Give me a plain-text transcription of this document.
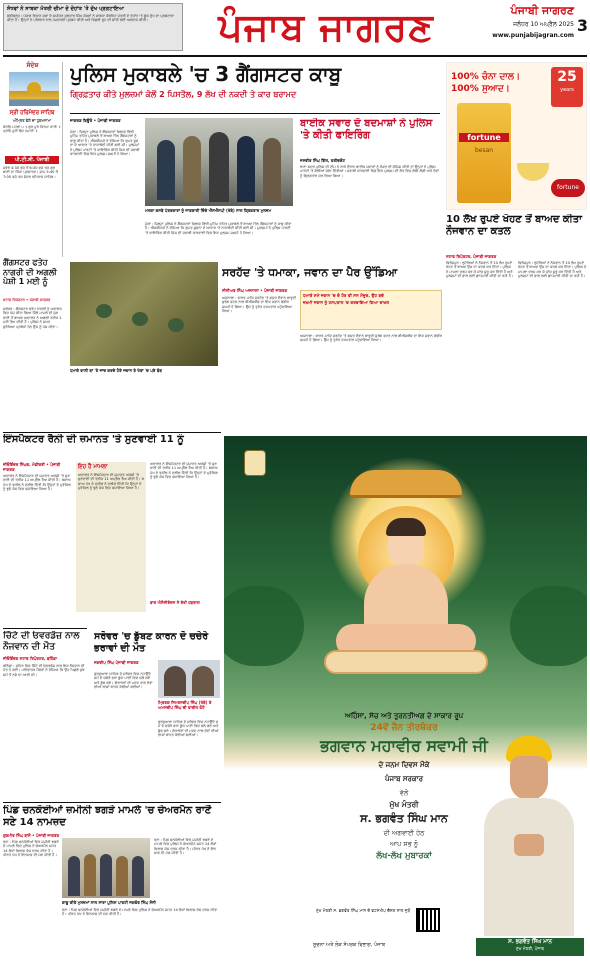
ਸੰਧਵਾਂ ਨੇ ਸਾਬਕਾ ਮੰਤਰੀ ਚੀਮਾ ਦੇ ਦੇਹਾਂਤ 'ਤੇ ਦੁੱਖ ਪ੍ਰਗਟਾਇਆ
ਚੰਡੀਗੜ੍ਹ : ਪੰਜਾਬ ਵਿਧਾਨ ਸਭਾ ਦੇ ਸਪੀਕਰ ਕੁਲਤਾਰ ਸਿੰਘ ਸੰਧਵਾਂ ਨੇ ਸਾਬਕਾ ਕੈਬਨਿਟ ਮੰਤਰੀ ਦੇ ਦੇਹਾਂਤ 'ਤੇ ਡੂੰਘੇ ਦੁੱਖ ਦਾ ਪ੍ਰਗਟਾਵਾ ਕੀਤਾ ਹੈ। ਉਨ੍ਹਾਂ ਨੇ ਪਰਿਵਾਰ ਨਾਲ ਹਮਦਰਦੀ ਪ੍ਰਗਟ ਕੀਤੀ ਅਤੇ ਵਿਛੜੀ ਰੂਹ ਦੀ ਸ਼ਾਂਤੀ ਲਈ ਅਰਦਾਸ ਕੀਤੀ।	ਪੰਜਾਬ ਜਾਗਰਣ	ਪੰਜਾਬੀ ਜਾਗਰਣ
ਜਲੰਧਰ 10 ਅਪ੍ਰੈਲ 2025
www.punjabijagran.com
3
ਸੰਦੇਸ਼
ਸ੍ਰੀ ਹਰਿਮੰਦਰ ਸਾਹਿਬ
ਅੰਮ੍ਰਿਤ ਵੇਲੇ ਦਾ ਹੁਕਮਨਾਮਾ
ਸੋਰਠਿ ਮਹਲਾ ੫ ॥ ਗੁਰ ਪੂਰੇ ਕਿਰਪਾ ਧਾਰੀ ॥ ਪ੍ਰਭਿ ਪੂਰੀ ਲੋਚ ਹਮਾਰੀ ॥
ਪੀ.ਟੀ.ਸੀ. ਪੰਜਾਬੀ
ਸਵੇਰੇ 4:30 ਵਜੇ ਤੋਂ 6:30 ਵਜੇ ਤਕ ਗੁਰਬਾਣੀ ਦਾ ਸਿੱਧਾ ਪ੍ਰਸਾਰਣ। ਸ਼ਾਮ 5:40 ਤੋਂ 7:00 ਵਜੇ ਤਕ ਸੋਦਰ ਰਹਿਰਾਸ ਸਾਹਿਬ।
ਗੈਂਗਸਟਰ ਫਤੇਹ ਨਾਗਰੀ ਦੀ ਅਗਲੀ ਪੇਸ਼ੀ 1 ਮਈ ਨੂੰ
ਸਟਾਫ ਰਿਪੋਰਟਰ • ਪੰਜਾਬੀ ਜਾਗਰਣ
ਜਲੰਧਰ : ਗੈਂਗਸਟਰ ਫਤੇਹ ਨਾਗਰੀ ਨੂੰ ਅਦਾਲਤ ਵਿਚ ਪੇਸ਼ ਕੀਤਾ ਗਿਆ ਜਿੱਥੇ ਮਾਮਲੇ ਦੀ ਸੁਣਵਾਈ ਤੋਂ ਬਾਅਦ ਅਦਾਲਤ ਨੇ ਅਗਲੀ ਤਰੀਕ 1 ਮਈ ਤੈਅ ਕੀਤੀ ਹੈ। ਪੁਲਿਸ ਨੇ ਸਖ਼ਤ ਸੁਰੱਖਿਆ ਪ੍ਰਬੰਧਾਂ ਹੇਠ ਉਸ ਨੂੰ ਪੇਸ਼ ਕੀਤਾ।
ਪੁਲਿਸ ਮੁਕਾਬਲੇ 'ਚ 3 ਗੈਂਗਸਟਰ ਕਾਬੂ
ਗ੍ਰਿਫ਼ਤਾਰ ਕੀਤੇ ਮੁਲਜ਼ਮਾਂ ਕੋਲੋਂ 2 ਪਿਸਤੌਲ, 9 ਲੱਖ ਦੀ ਨਕਦੀ ਤੇ ਕਾਰ ਬਰਾਮਦ
ਜਾਗਰਣ ਬਿਊਰੋ • ਪੰਜਾਬੀ ਜਾਗਰਣ
ਮੋਗਾ : ਜ਼ਿਲ੍ਹਾ ਪੁਲਿਸ ਨੇ ਗੈਂਗਸਟਰਾਂ ਖ਼ਿਲਾਫ਼ ਵਿੱਢੀ ਮੁਹਿੰਮ ਤਹਿਤ ਮੁਕਾਬਲੇ ਤੋਂ ਬਾਅਦ ਤਿੰਨ ਗੈਂਗਸਟਰਾਂ ਨੂੰ ਕਾਬੂ ਕੀਤਾ ਹੈ। ਐੱਸਐੱਸਪੀ ਨੇ ਦੱਸਿਆ ਕਿ ਗੁਪਤ ਸੂਚਨਾ ਦੇ ਆਧਾਰ 'ਤੇ ਨਾਕਾਬੰਦੀ ਕੀਤੀ ਗਈ ਸੀ। ਮੁਲਜ਼ਮਾਂ ਨੇ ਪੁਲਿਸ ਪਾਰਟੀ 'ਤੇ ਫਾਇਰਿੰਗ ਕੀਤੀ ਜਿਸ ਦੀ ਜਵਾਬੀ ਕਾਰਵਾਈ ਵਿਚ ਇਕ ਮੁਲਜ਼ਮ ਜ਼ਖ਼ਮੀ ਹੋ ਗਿਆ।
ਮਲਕਾ ਕਸਬੇ ਪੱਤਰਕਾਰਾਂ ਨੂੰ ਜਾਣਕਾਰੀ ਦਿੰਦੇ ਐੱਸਐੱਸਪੀ (ਖੱਬੇ) ਨਾਲ ਗ੍ਰਿਫ਼ਤਾਰ ਮੁਲਜ਼ਮ
ਮੋਗਾ : ਜ਼ਿਲ੍ਹਾ ਪੁਲਿਸ ਨੇ ਗੈਂਗਸਟਰਾਂ ਖ਼ਿਲਾਫ਼ ਵਿੱਢੀ ਮੁਹਿੰਮ ਤਹਿਤ ਮੁਕਾਬਲੇ ਤੋਂ ਬਾਅਦ ਤਿੰਨ ਗੈਂਗਸਟਰਾਂ ਨੂੰ ਕਾਬੂ ਕੀਤਾ ਹੈ। ਐੱਸਐੱਸਪੀ ਨੇ ਦੱਸਿਆ ਕਿ ਗੁਪਤ ਸੂਚਨਾ ਦੇ ਆਧਾਰ 'ਤੇ ਨਾਕਾਬੰਦੀ ਕੀਤੀ ਗਈ ਸੀ। ਮੁਲਜ਼ਮਾਂ ਨੇ ਪੁਲਿਸ ਪਾਰਟੀ 'ਤੇ ਫਾਇਰਿੰਗ ਕੀਤੀ ਜਿਸ ਦੀ ਜਵਾਬੀ ਕਾਰਵਾਈ ਵਿਚ ਇਕ ਮੁਲਜ਼ਮ ਜ਼ਖ਼ਮੀ ਹੋ ਗਿਆ।
ਬਾਈਕ ਸਵਾਰ ਦੋ ਬਦਮਾਸ਼ਾਂ ਨੇ ਪੁਲਿਸ 'ਤੇ ਕੀਤੀ ਫਾਇਰਿੰਗ
ਜਸਵੀਰ ਸਿੰਘ ਗਿੱਲ, ਫਰੀਦਕੋਟ
ਥਾਣਾ ਸਦਰ ਪੁਲਿਸ ਦੀ ਟੀਮ ਨੇ ਨਾਕੇ ਦੌਰਾਨ ਬਾਈਕ ਸਵਾਰਾਂ ਨੂੰ ਰੋਕਣ ਦੀ ਕੋਸ਼ਿਸ਼ ਕੀਤੀ ਤਾਂ ਉਨ੍ਹਾਂ ਨੇ ਪੁਲਿਸ ਪਾਰਟੀ 'ਤੇ ਗੋਲੀਆਂ ਚਲਾ ਦਿੱਤੀਆਂ। ਜਵਾਬੀ ਕਾਰਵਾਈ ਵਿਚ ਇਕ ਮੁਲਜ਼ਮ ਦੀ ਲੱਤ ਵਿਚ ਗੋਲੀ ਲੱਗੀ ਅਤੇ ਦੋਵਾਂ ਨੂੰ ਗ੍ਰਿਫ਼ਤਾਰ ਕਰ ਲਿਆ ਗਿਆ।
100% ਚੰਨਾ ਦਾਲ। 100% ਸੁਆਦ।
25
years
fortune
besan
fortune
10 ਲੱਖ ਰੁਪਏ ਖੋਹਣ ਤੋਂ ਬਾਅਦ ਕੀਤਾ ਨੌਜਵਾਨ ਦਾ ਕਤਲ
ਸਟਾਫ ਰਿਪੋਰਟਰ, ਪੰਜਾਬੀ ਜਾਗਰਣ
ਫਿਰੋਜ਼ਪੁਰ : ਲੁਟੇਰਿਆਂ ਨੇ ਨੌਜਵਾਨ ਤੋਂ 10 ਲੱਖ ਰੁਪਏ ਖੋਹਣ ਤੋਂ ਬਾਅਦ ਉਸ ਦਾ ਕਤਲ ਕਰ ਦਿੱਤਾ। ਪੁਲਿਸ ਨੇ ਮਾਮਲਾ ਦਰਜ ਕਰ ਕੇ ਜਾਂਚ ਸ਼ੁਰੂ ਕਰ ਦਿੱਤੀ ਹੈ ਅਤੇ ਮੁਲਜ਼ਮਾਂ ਦੀ ਭਾਲ ਲਈ ਛਾਪੇਮਾਰੀ ਕੀਤੀ ਜਾ ਰਹੀ ਹੈ।
ਫਿਰੋਜ਼ਪੁਰ : ਲੁਟੇਰਿਆਂ ਨੇ ਨੌਜਵਾਨ ਤੋਂ 10 ਲੱਖ ਰੁਪਏ ਖੋਹਣ ਤੋਂ ਬਾਅਦ ਉਸ ਦਾ ਕਤਲ ਕਰ ਦਿੱਤਾ। ਪੁਲਿਸ ਨੇ ਮਾਮਲਾ ਦਰਜ ਕਰ ਕੇ ਜਾਂਚ ਸ਼ੁਰੂ ਕਰ ਦਿੱਤੀ ਹੈ ਅਤੇ ਮੁਲਜ਼ਮਾਂ ਦੀ ਭਾਲ ਲਈ ਛਾਪੇਮਾਰੀ ਕੀਤੀ ਜਾ ਰਹੀ ਹੈ।
ਧਮਾਕੇ ਵਾਲੀ ਥਾਂ 'ਤੇ ਜਾਂਚ ਕਰਦੇ ਹੋਏ ਜਵਾਨ ਤੇ ਖੇਤਾਂ 'ਚ ਪਏ ਬੰਬ
ਸਰਹੱਦ 'ਤੇ ਧਮਾਕਾ, ਜਵਾਨ ਦਾ ਪੈਰ ਉੱਡਿਆ
ਸੀਨੀਅਰ ਸਿੰਘ ਅਜਨਾਲਾ • ਪੰਜਾਬੀ ਜਾਗਰਣ
ਧਮਾਕੇ ਸਮੇਂ ਜਵਾਨ 'ਚ ਦੋ ਹੋਰ ਵੀ ਸਨ ਮੌਜੂਦ, ਉਹ ਬਚੇ
ਜ਼ਖ਼ਮੀ ਜਵਾਨ ਨੂੰ ਹਸਪਤਾਲ 'ਚ ਕਰਵਾਇਆ ਗਿਆ ਦਾਖ਼ਲ
ਅਜਨਾਲਾ : ਭਾਰਤ-ਪਾਕਿ ਸਰਹੱਦ 'ਤੇ ਗਸ਼ਤ ਦੌਰਾਨ ਬਾਰੂਦੀ ਸੁਰੰਗ ਫਟਣ ਨਾਲ ਬੀਐੱਸਐੱਫ ਦਾ ਇਕ ਜਵਾਨ ਗੰਭੀਰ ਜ਼ਖ਼ਮੀ ਹੋ ਗਿਆ। ਉਸ ਨੂੰ ਤੁਰੰਤ ਹਸਪਤਾਲ ਪਹੁੰਚਾਇਆ ਗਿਆ।
ਅਜਨਾਲਾ : ਭਾਰਤ-ਪਾਕਿ ਸਰਹੱਦ 'ਤੇ ਗਸ਼ਤ ਦੌਰਾਨ ਬਾਰੂਦੀ ਸੁਰੰਗ ਫਟਣ ਨਾਲ ਬੀਐੱਸਐੱਫ ਦਾ ਇਕ ਜਵਾਨ ਗੰਭੀਰ ਜ਼ਖ਼ਮੀ ਹੋ ਗਿਆ। ਉਸ ਨੂੰ ਤੁਰੰਤ ਹਸਪਤਾਲ ਪਹੁੰਚਾਇਆ ਗਿਆ।
ਇੰਸਪੈਕਟਰ ਰੈਨੀ ਦੀ ਜ਼ਮਾਨਤ 'ਤੇ ਸੁਣਵਾਈ 11 ਨੂੰ
ਜੀਓਇੰਦਰ ਸਿੰਘਵ, ਮੰਡੀਕਰੀ • ਪੰਜਾਬੀ ਜਾਗਰਣ
ਅਦਾਲਤ ਨੇ ਇੰਸਪੈਕਟਰ ਦੀ ਜ਼ਮਾਨਤ ਅਰਜ਼ੀ 'ਤੇ ਸੁਣਵਾਈ ਦੀ ਤਰੀਕ 11 ਅਪ੍ਰੈਲ ਤੈਅ ਕੀਤੀ ਹੈ। ਬਚਾਅ ਪੱਖ ਦੇ ਵਕੀਲ ਨੇ ਦਲੀਲ ਦਿੱਤੀ ਕਿ ਉਨ੍ਹਾਂ ਦੇ ਮੁਵੱਕਿਲ ਨੂੰ ਝੂਠੇ ਕੇਸ ਵਿਚ ਫਸਾਇਆ ਗਿਆ ਹੈ।
ਇਹ ਹੈ ਮਾਮਲਾ
ਅਦਾਲਤ ਨੇ ਇੰਸਪੈਕਟਰ ਦੀ ਜ਼ਮਾਨਤ ਅਰਜ਼ੀ 'ਤੇ ਸੁਣਵਾਈ ਦੀ ਤਰੀਕ 11 ਅਪ੍ਰੈਲ ਤੈਅ ਕੀਤੀ ਹੈ। ਬਚਾਅ ਪੱਖ ਦੇ ਵਕੀਲ ਨੇ ਦਲੀਲ ਦਿੱਤੀ ਕਿ ਉਨ੍ਹਾਂ ਦੇ ਮੁਵੱਕਿਲ ਨੂੰ ਝੂਠੇ ਕੇਸ ਵਿਚ ਫਸਾਇਆ ਗਿਆ ਹੈ।
ਅਦਾਲਤ ਨੇ ਇੰਸਪੈਕਟਰ ਦੀ ਜ਼ਮਾਨਤ ਅਰਜ਼ੀ 'ਤੇ ਸੁਣਵਾਈ ਦੀ ਤਰੀਕ 11 ਅਪ੍ਰੈਲ ਤੈਅ ਕੀਤੀ ਹੈ। ਬਚਾਅ ਪੱਖ ਦੇ ਵਕੀਲ ਨੇ ਦਲੀਲ ਦਿੱਤੀ ਕਿ ਉਨ੍ਹਾਂ ਦੇ ਮੁਵੱਕਿਲ ਨੂੰ ਝੂਠੇ ਕੇਸ ਵਿਚ ਫਸਾਇਆ ਗਿਆ ਹੈ।
ਬਾਰ ਐਸੋਸੀਏਸ਼ਨ ਨੇ ਰੱਖੀ ਹੜਤਾਲ
ਚਿੱਟੇ ਦੀ ਓਵਰਡੋਜ਼ ਨਾਲ ਨੌਜਵਾਨ ਦੀ ਮੌਤ
ਜੀਓਇੰਦਰ ਸਟਾਫ ਰਿਪੋਰਟਰ, ਬਠਿੰਡਾ
ਬਠਿੰਡਾ : ਸ਼ਹਿਰ ਵਿਚ ਚਿੱਟੇ ਦੀ ਓਵਰਡੋਜ਼ ਨਾਲ ਇਕ ਨੌਜਵਾਨ ਦੀ ਮੌਤ ਹੋ ਗਈ। ਪਰਿਵਾਰਕ ਮੈਂਬਰਾਂ ਨੇ ਦੱਸਿਆ ਕਿ ਉਹ ਪਿਛਲੇ ਕੁਝ ਸਮੇਂ ਤੋਂ ਨਸ਼ੇ ਦਾ ਆਦੀ ਸੀ।
ਸਰੋਵਰ 'ਚ ਡੁੱਬਣ ਕਾਰਨ ਦੋ ਚਚੇਰੇ ਭਰਾਵਾਂ ਦੀ ਮੌਤ
ਜਗਦੀਪ ਸਿੰਘ ਪੰਜਾਬੀ ਜਾਗਰਣ
ਗੁਰਦੁਆਰਾ ਸਾਹਿਬ ਦੇ ਸਰੋਵਰ ਵਿਚ ਨਹਾਉਂਦੇ ਸਮੇਂ ਦੋ ਚਚੇਰੇ ਭਰਾ ਡੂੰਘੇ ਪਾਣੀ ਵਿਚ ਚਲੇ ਗਏ ਅਤੇ ਡੁੱਬ ਗਏ। ਗੋਤਾਖੋਰਾਂ ਦੀ ਮਦਦ ਨਾਲ ਦੋਵਾਂ ਦੀਆਂ ਲਾਸ਼ਾਂ ਬਾਹਰ ਕੱਢੀਆਂ ਗਈਆਂ।
ਮ੍ਰਿਤਕ ਸਿਮਰਨਦੀਪ ਸਿੰਘ (ਖੱਬੇ) ਤੇ ਅਮਨਦੀਪ ਸਿੰਘ ਦੀ ਫਾਈਲ ਫੋਟੋ
ਗੁਰਦੁਆਰਾ ਸਾਹਿਬ ਦੇ ਸਰੋਵਰ ਵਿਚ ਨਹਾਉਂਦੇ ਸਮੇਂ ਦੋ ਚਚੇਰੇ ਭਰਾ ਡੂੰਘੇ ਪਾਣੀ ਵਿਚ ਚਲੇ ਗਏ ਅਤੇ ਡੁੱਬ ਗਏ। ਗੋਤਾਖੋਰਾਂ ਦੀ ਮਦਦ ਨਾਲ ਦੋਵਾਂ ਦੀਆਂ ਲਾਸ਼ਾਂ ਬਾਹਰ ਕੱਢੀਆਂ ਗਈਆਂ।
ਪਿੰਡ ਚਨਕੋਈਆਂ ਜ਼ਮੀਨੀ ਝਗੜੇ ਮਾਮਲੇ 'ਚ ਚੇਅਰਮੈਨ ਰਾਣੋਂ ਸਣੇ 14 ਨਾਮਜ਼ਦ
ਗੁਰਮੀਤ ਸਿੰਘ ਬਾਂਸੋ • ਪੰਜਾਬੀ ਜਾਗਰਣ
ਖੰਨਾ : ਪਿੰਡ ਚਨਕੋਈਆਂ ਵਿਖੇ ਜ਼ਮੀਨੀ ਝਗੜੇ ਦੇ ਮਾਮਲੇ ਵਿਚ ਪੁਲਿਸ ਨੇ ਚੇਅਰਮੈਨ ਸਮੇਤ 14 ਲੋਕਾਂ ਖ਼ਿਲਾਫ਼ ਕੇਸ ਦਰਜ ਕੀਤਾ ਹੈ। ਪੀੜਤ ਪੱਖ ਨੇ ਇਨਸਾਫ਼ ਦੀ ਮੰਗ ਕੀਤੀ ਹੈ।
ਕਾਬੂ ਕੀਤੇ ਮੁਲਜ਼ਮਾਂ ਨਾਲ ਸਾਰਾ ਪੁਲਿਸ ਪਾਰਟੀ ਜਗਵੰਤ ਸਿੰਘ ਸੰਨੀ
ਖੰਨਾ : ਪਿੰਡ ਚਨਕੋਈਆਂ ਵਿਖੇ ਜ਼ਮੀਨੀ ਝਗੜੇ ਦੇ ਮਾਮਲੇ ਵਿਚ ਪੁਲਿਸ ਨੇ ਚੇਅਰਮੈਨ ਸਮੇਤ 14 ਲੋਕਾਂ ਖ਼ਿਲਾਫ਼ ਕੇਸ ਦਰਜ ਕੀਤਾ ਹੈ। ਪੀੜਤ ਪੱਖ ਨੇ ਇਨਸਾਫ਼ ਦੀ ਮੰਗ ਕੀਤੀ ਹੈ।
ਖੰਨਾ : ਪਿੰਡ ਚਨਕੋਈਆਂ ਵਿਖੇ ਜ਼ਮੀਨੀ ਝਗੜੇ ਦੇ ਮਾਮਲੇ ਵਿਚ ਪੁਲਿਸ ਨੇ ਚੇਅਰਮੈਨ ਸਮੇਤ 14 ਲੋਕਾਂ ਖ਼ਿਲਾਫ਼ ਕੇਸ ਦਰਜ ਕੀਤਾ ਹੈ। ਪੀੜਤ ਪੱਖ ਨੇ ਇਨਸਾਫ਼ ਦੀ ਮੰਗ ਕੀਤੀ ਹੈ।
ਅਹਿੰਸਾ, ਸੱਚ ਅਤੇ ਤੁਰਨਤੀਅਗ ਦੇ ਸਾਕਾਰ ਰੂਪ
24ਵੇਂ ਜੈਨ ਤੀਰਥੰਕਰ
ਭਗਵਾਨ ਮਹਾਵੀਰ ਸਵਾਮੀ ਜੀ
ਦੇ ਜਨਮ ਦਿਵਸ ਮੌਕੇ
ਪੰਜਾਬ ਸਰਕਾਰ
ਵੱਲੋਂ
ਮੁੱਖ ਮੰਤਰੀ
ਸ. ਭਗਵੰਤ ਸਿੰਘ ਮਾਨ
ਦੀ ਅਗਵਾਈ ਹੇਠ
ਆਪ ਸਭ ਨੂੰ
ਲੱਖ-ਲੱਖ ਮੁਬਾਰਕਾਂ
ਮੁੱਖ ਮੰਤਰੀ ਸ. ਭਗਵੰਤ ਸਿੰਘ ਮਾਨ ਦੇ ਵਟਸਐਪ ਚੈਨਲ ਨਾਲ ਜੁੜੋ
ਸ. ਭਗਵੰਤ ਸਿੰਘ ਮਾਨ
ਮੁੱਖ ਮੰਤਰੀ, ਪੰਜਾਬ
ਸੂਚਨਾ ਅਤੇ ਲੋਕ ਸੰਪਰਕ ਵਿਭਾਗ, ਪੰਜਾਬ
